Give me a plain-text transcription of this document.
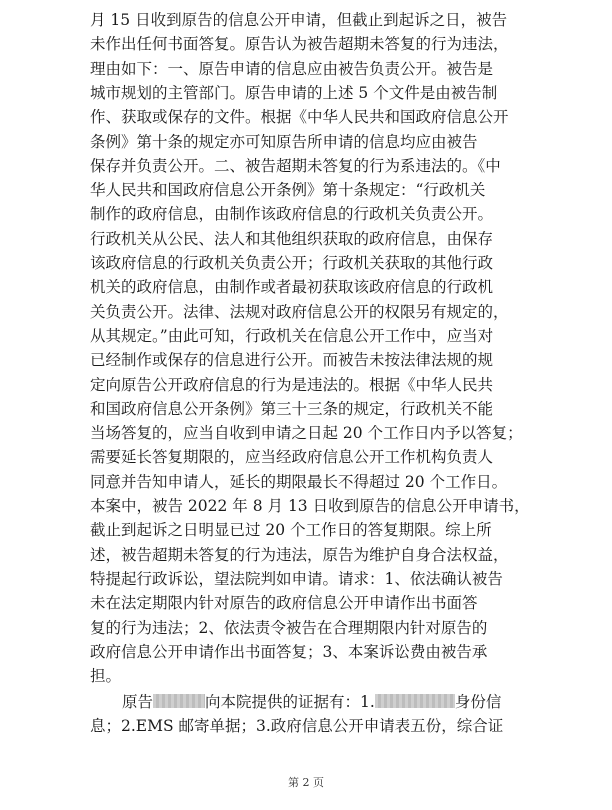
月 15 日收到原告的信息公开申请，但截止到起诉之日，被告

未作出任何书面答复。原告认为被告超期未答复的行为违法，

理由如下：一、原告申请的信息应由被告负责公开。被告是

城市规划的主管部门。原告申请的上述 5 个文件是由被告制

作、获取或保存的文件。根据《中华人民共和国政府信息公开

条例》第十条的规定亦可知原告所申请的信息均应由被告

保存并负责公开。二、被告超期未答复的行为系违法的。《中

华人民共和国政府信息公开条例》第十条规定：“行政机关

制作的政府信息，由制作该政府信息的行政机关负责公开。

行政机关从公民、法人和其他组织获取的政府信息，由保存

该政府信息的行政机关负责公开；行政机关获取的其他行政

机关的政府信息，由制作或者最初获取该政府信息的行政机

关负责公开。法律、法规对政府信息公开的权限另有规定的，

从其规定。”由此可知，行政机关在信息公开工作中，应当对

已经制作或保存的信息进行公开。而被告未按法律法规的规

定向原告公开政府信息的行为是违法的。根据《中华人民共

和国政府信息公开条例》第三十三条的规定，行政机关不能

当场答复的，应当自收到申请之日起 20 个工作日内予以答复；

需要延长答复期限的，应当经政府信息公开工作机构负责人

同意并告知申请人，延长的期限最长不得超过 20 个工作日。

本案中，被告 2022 年 8 月 13 日收到原告的信息公开申请书，

截止到起诉之日明显已过 20 个工作日的答复期限。综上所

述，被告超期未答复的行为违法，原告为维护自身合法权益，

特提起行政诉讼，望法院判如申请。请求：1、依法确认被告

未在法定期限内针对原告的政府信息公开申请作出书面答

复的行为违法；2、依法责令被告在合理期限内针对原告的

政府信息公开申请作出书面答复；3、本案诉讼费由被告承

担。

原告	向本院提供的证据有：1.	身份信

息；2.EMS 邮寄单据；3.政府信息公开申请表五份，综合证

第 2 页
